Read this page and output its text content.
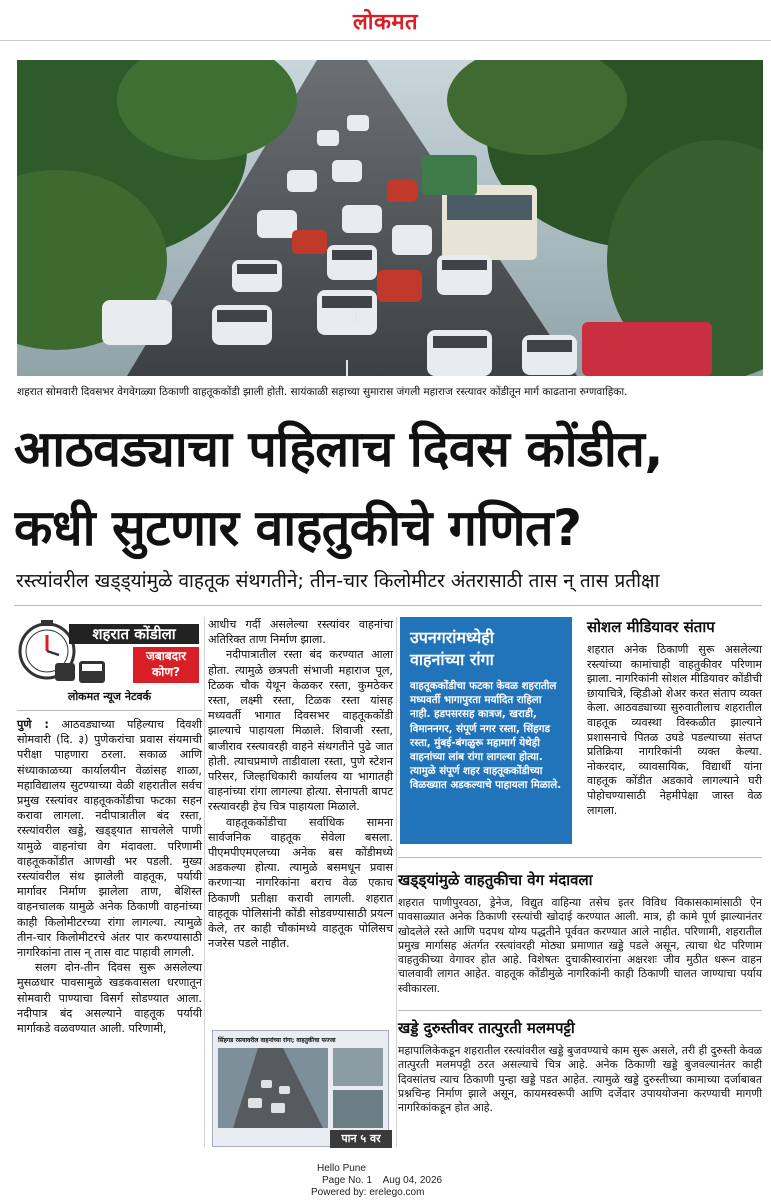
लोकमत
शहरात सोमवारी दिवसभर वेगवेगळ्या ठिकाणी वाहतूककोंडी झाली होती. सायंकाळी सहाच्या सुमारास जंगली महाराज रस्त्यावर कोंडीतून मार्ग काढताना रुग्णवाहिका.
आठवड्याचा पहिलाच दिवस कोंडीत,
कधी सुटणार वाहतुकीचे गणित?
रस्त्यांवरील खड्ड्यांमुळे वाहतूक संथगतीने; तीन-चार किलोमीटर अंतरासाठी तास न् तास प्रतीक्षा
शहरात कोंडीला
जबाबदार
कोण?
लोकमत न्यूज नेटवर्क

पुणे : आठवड्याच्या पहिल्याच दिवशी सोमवारी (दि. ३) पुणेकरांचा प्रवास संयमाची परीक्षा पाहणारा ठरला. सकाळ आणि संध्याकाळच्या कार्यालयीन वेळांसह शाळा, महाविद्यालय सुटण्याच्या वेळी शहरातील सर्वच प्रमुख रस्त्यांवर वाहतूककोंडीचा फटका सहन करावा लागला. नदीपात्रातील बंद रस्ता, रस्त्यांवरील खड्डे, खड्ड्यात साचलेले पाणी यामुळे वाहनांचा वेग मंदावला. परिणामी वाहतूककोंडीत आणखी भर पडली. मुख्य रस्त्यांवरील संथ झालेली वाहतूक, पर्यायी मार्गावर निर्माण झालेला ताण, बेशिस्त वाहनचालक यामुळे अनेक ठिकाणी वाहनांच्या काही किलोमीटरच्या रांगा लागल्या. त्यामुळे तीन-चार किलोमीटरचे अंतर पार करण्यासाठी नागरिकांना तास न् तास वाट पाहावी लागली.

सलग दोन-तीन दिवस सुरू असलेल्या मुसळधार पावसामुळे खडकवासला धरणातून सोमवारी पाण्याचा विसर्ग सोडण्यात आला. नदीपात्र बंद असल्याने वाहतूक पर्यायी मार्गाकडे वळवण्यात आली. परिणामी,

आधीच गर्दी असलेल्या रस्त्यांवर वाहनांचा अतिरिक्त ताण निर्माण झाला.

नदीपात्रातील रस्ता बंद करण्यात आला होता. त्यामुळे छत्रपती संभाजी महाराज पूल, टिळक चौक येथून केळकर रस्ता, कुमठेकर रस्ता, लक्ष्मी रस्ता, टिळक रस्ता यांसह मध्यवर्ती भागात दिवसभर वाहतूककोंडी झाल्याचे पाहायला मिळाले. शिवाजी रस्ता, बाजीराव रस्त्यावरही वाहने संथगतीने पुढे जात होती. त्याचप्रमाणे ताडीवाला रस्ता, पुणे स्टेशन परिसर, जिल्हाधिकारी कार्यालय या भागातही वाहनांच्या रांगा लागल्या होत्या. सेनापती बापट रस्त्यावरही हेच चित्र पाहायला मिळाले.

वाहतूककोंडीचा सर्वाधिक सामना सार्वजनिक वाहतूक सेवेला बसला. पीएमपीएमएलच्या अनेक बस कोंडीमध्ये अडकल्या होत्या. त्यामुळे बसमधून प्रवास करणाऱ्या नागरिकांना बराच वेळ एकाच ठिकाणी प्रतीक्षा करावी लागली. शहरात वाहतूक पोलिसांनी कोंडी सोडवण्यासाठी प्रयत्न केले, तर काही चौकांमध्ये वाहतूक पोलिसच नजरेस पडले नाहीत.

उपनगरांमध्येही
वाहनांच्या रांगा
वाहतूककोंडीचा फटका केवळ शहरातील मध्यवर्ती भागापुरता मर्यादित राहिला नाही. हडपसरसह कात्रज, खराडी, विमाननगर, संपूर्ण नगर रस्ता, सिंहगड रस्ता, मुंबई-बंगळुरू महामार्ग येथेही वाहनांच्या लांब रांगा लागल्या होत्या. त्यामुळे संपूर्ण शहर वाहतूककोंडीच्या विळख्यात अडकल्याचे पाहायला मिळाले.
सोशल मीडियावर संताप
शहरात अनेक ठिकाणी सुरू असलेल्या रस्त्यांच्या कामांचाही वाहतुकीवर परिणाम झाला. नागरिकांनी सोशल मीडियावर कोंडीची छायाचित्रे, व्हिडीओ शेअर करत संताप व्यक्त केला. आठवड्याच्या सुरुवातीलाच शहरातील वाहतूक व्यवस्था विस्कळीत झाल्याने प्रशासनाचे पितळ उघडे पडल्याच्या संतप्त प्रतिक्रिया नागरिकांनी व्यक्त केल्या. नोकरदार, व्यावसायिक, विद्यार्थी यांना वाहतूक कोंडीत अडकावे लागल्याने घरी पोहोचण्यासाठी नेहमीपेक्षा जास्त वेळ लागला.
खड्ड्यांमुळे वाहतुकीचा वेग मंदावला
शहरात पाणीपुरवठा, ड्रेनेज, विद्युत वाहिन्या तसेच इतर विविध विकासकामांसाठी ऐन पावसाळ्यात अनेक ठिकाणी रस्त्यांची खोदाई करण्यात आली. मात्र, ही कामे पूर्ण झाल्यानंतर खोदलेले रस्ते आणि पदपथ योग्य पद्धतीने पूर्ववत करण्यात आले नाहीत. परिणामी, शहरातील प्रमुख मार्गासह अंतर्गत रस्त्यांवरही मोठ्या प्रमाणात खड्डे पडले असून, त्याचा थेट परिणाम वाहतुकीच्या वेगावर होत आहे. विशेषतः दुचाकीस्वारांना अक्षरशः जीव मुठीत धरून वाहन चालवावी लागत आहेत. वाहतूक कोंडीमुळे नागरिकांनी काही ठिकाणी चालत जाण्याचा पर्याय स्वीकारला.
खड्डे दुरुस्तीवर तात्पुरती मलमपट्टी
महापालिकेकडून शहरातील रस्त्यांवरील खड्डे बुजवण्याचे काम सुरू असले, तरी ही दुरुस्ती केवळ तात्पुरती मलमपट्टी ठरत असल्याचे चित्र आहे. अनेक ठिकाणी खड्डे बुजवल्यानंतर काही दिवसांतच त्याच ठिकाणी पुन्हा खड्डे पडत आहेत. त्यामुळे खड्डे दुरुस्तीच्या कामाच्या दर्जाबाबत प्रश्नचिन्ह निर्माण झाले असून, कायमस्वरूपी आणि दर्जेदार उपाययोजना करण्याची मागणी नागरिकांकडून होत आहे.
सिंहगड रस्त्यावरील वाहनांच्या रांगा; वाहतुकीचा फज्जा
पान ५ वर
Hello Pune
Page No. 1    Aug 04, 2026
Powered by: erelego.com
